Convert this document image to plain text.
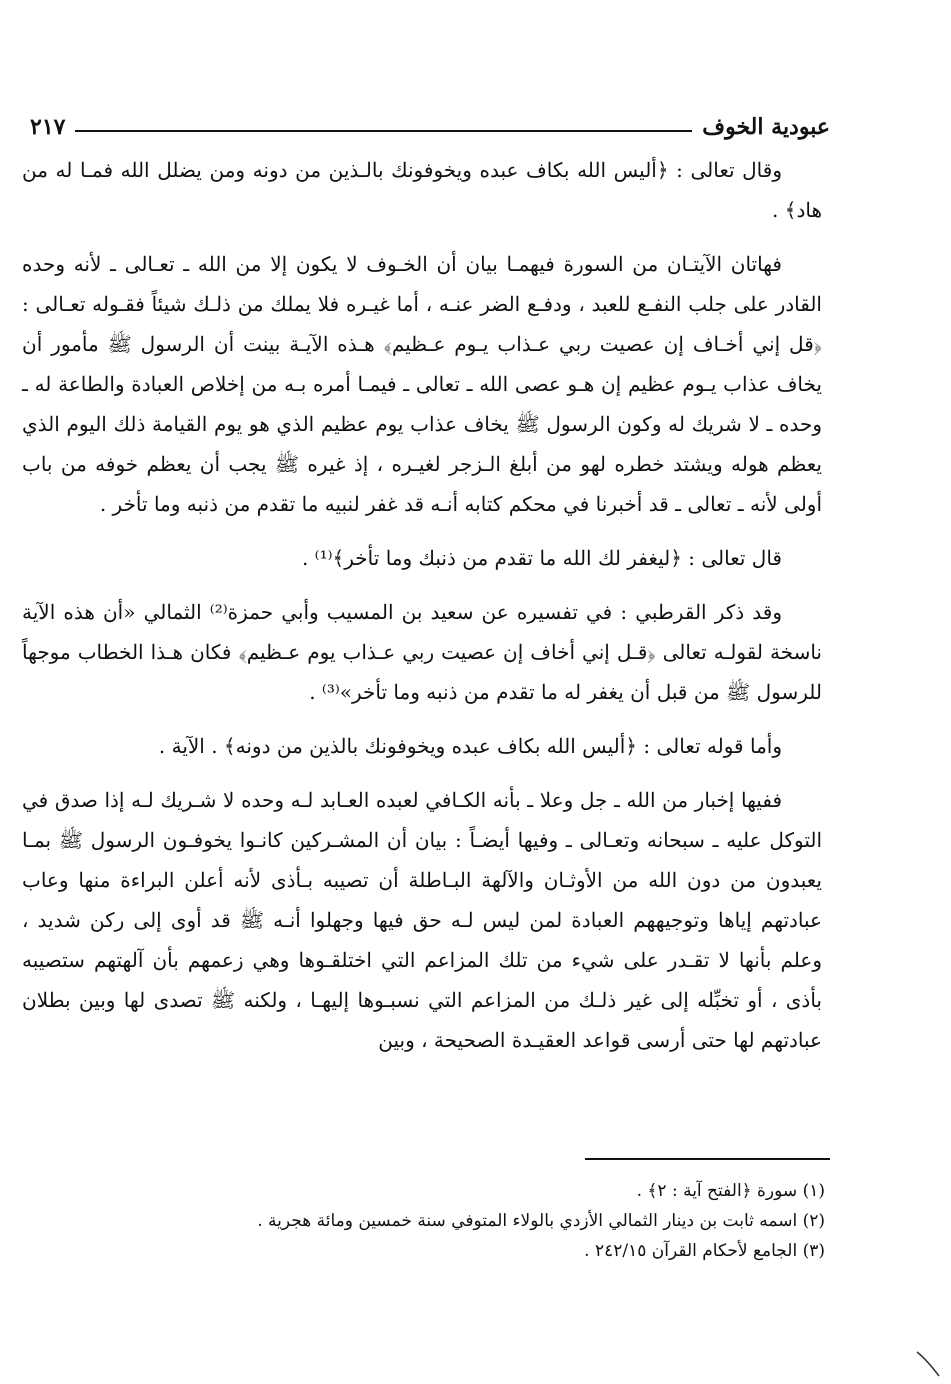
عبودية الخوف
٢١٧

وقال تعالى : ﴿أليس الله بكاف عبده ويخوفونك بالـذين من دونه ومن يضلل الله فمـا له من هاد﴾ .

فهاتان الآيتـان من السورة فيهمـا بيان أن الخـوف لا يكون إلا من الله ـ تعـالى ـ لأنه وحده القادر على جلب النفـع للعبد ، ودفـع الضر عنـه ، أما غيـره فلا يملك من ذلـك شيئاً فقـوله تعـالى : ﴿قل إني أخـاف إن عصيت ربي عـذاب يـوم عـظيم﴾ هـذه الآيـة بينت أن الرسول ﷺ مأمور أن يخاف عذاب يـوم عظيم إن هـو عصى الله ـ تعالى ـ فيمـا أمره بـه من إخلاص العبادة والطاعة له ـ وحده ـ لا شريك له وكون الرسول ﷺ يخاف عذاب يوم عظيم الذي هو يوم القيامة ذلك اليوم الذي يعظم هوله ويشتد خطره لهو من أبلغ الـزجر لغيـره ، إذ غيره ﷺ يجب أن يعظم خوفه من باب أولى لأنه ـ تعالى ـ قد أخبرنا في محكم كتابه أنـه قد غفر لنبيه ما تقدم من ذنبه وما تأخر .

قال تعالى : ﴿ليغفر لك الله ما تقدم من ذنبك وما تأخر﴾⁽¹⁾ .

وقد ذكر القرطبي : في تفسيره عن سعيد بن المسيب وأبي حمزة⁽²⁾ الثمالي «أن هذه الآية ناسخة لقولـه تعالى ﴿قـل إني أخاف إن عصيت ربي عـذاب يوم عـظيم﴾ فكان هـذا الخطاب موجهاً للرسول ﷺ من قبل أن يغفر له ما تقدم من ذنبه وما تأخر»⁽³⁾ .

وأما قوله تعالى : ﴿أليس الله بكاف عبده ويخوفونك بالذين من دونه﴾ . الآية .

ففيها إخبار من الله ـ جل وعلا ـ بأنه الكـافي لعبده العـابد لـه وحده لا شـريك لـه إذا صدق في التوكل عليه ـ سبحانه وتعـالى ـ وفيها أيضـاً : بيان أن المشـركين كانـوا يخوفـون الرسول ﷺ بمـا يعبدون من دون الله من الأوثـان والآلهة البـاطلة أن تصيبه بـأذى لأنه أعلن البراءة منها وعاب عبادتهم إياها وتوجيههم العبادة لمن ليس لـه حق فيها وجهلوا أنـه ﷺ قد أوى إلى ركن شديد ، وعلم بأنها لا تقـدر على شيء من تلك المزاعم التي اختلقـوها وهي زعمهم بأن آلهتهم ستصيبه بأذى ، أو تخبِّله إلى غير ذلـك من المزاعم التي نسبـوها إليهـا ، ولكنه ﷺ تصدى لها وبين بطلان عبادتهم لها حتى أرسى قواعد العقيـدة الصحيحة ، وبين

(١) سورة ﴿الفتح آية : ٢﴾ .
(٢) اسمه ثابت بن دينار الثمالي الأزدي بالولاء المتوفي سنة خمسين ومائة هجرية .
(٣) الجامع لأحكام القرآن ٢٤٢/١٥ .
